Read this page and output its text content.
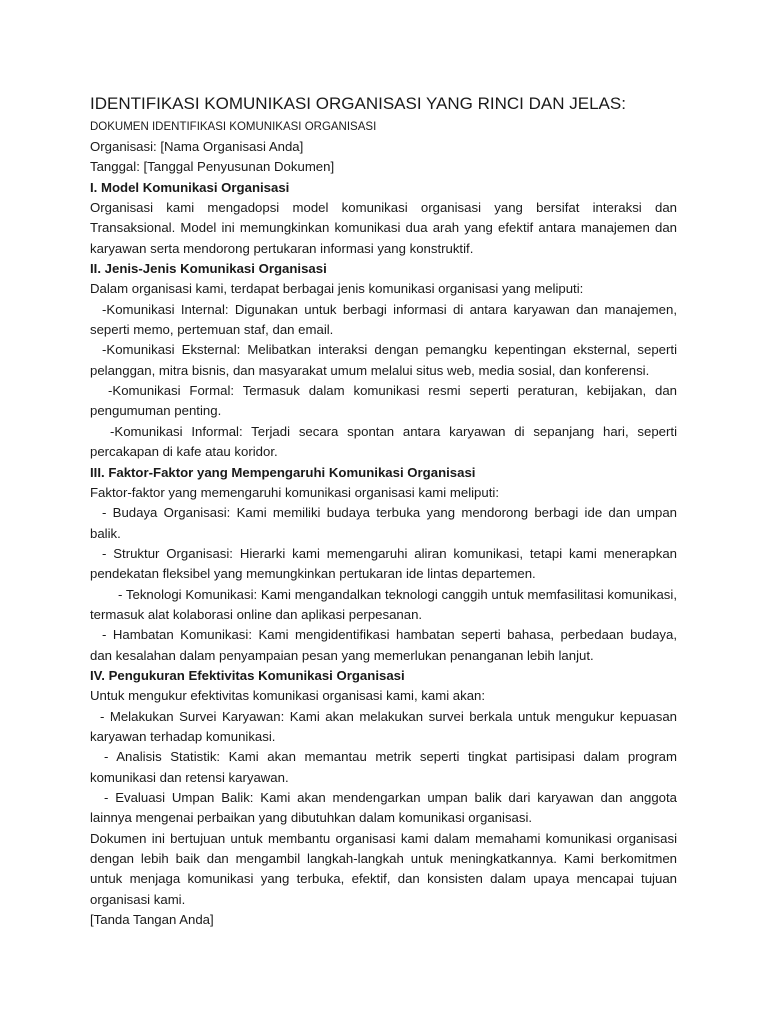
IDENTIFIKASI KOMUNIKASI ORGANISASI YANG RINCI DAN JELAS:

DOKUMEN IDENTIFIKASI KOMUNIKASI ORGANISASI

Organisasi: [Nama Organisasi Anda]

Tanggal: [Tanggal Penyusunan Dokumen]

I. Model Komunikasi Organisasi

Organisasi kami mengadopsi model komunikasi organisasi yang bersifat interaksi dan Transaksional. Model ini memungkinkan komunikasi dua arah yang efektif antara manajemen dan karyawan serta mendorong pertukaran informasi yang konstruktif.

II. Jenis-Jenis Komunikasi Organisasi

Dalam organisasi kami, terdapat berbagai jenis komunikasi organisasi yang meliputi:

-Komunikasi Internal: Digunakan untuk berbagi informasi di antara karyawan dan manajemen, seperti memo, pertemuan staf, dan email.

-Komunikasi Eksternal: Melibatkan interaksi dengan pemangku kepentingan eksternal, seperti pelanggan, mitra bisnis, dan masyarakat umum melalui situs web, media sosial, dan konferensi.

-Komunikasi Formal: Termasuk dalam komunikasi resmi seperti peraturan, kebijakan, dan pengumuman penting.

-Komunikasi Informal: Terjadi secara spontan antara karyawan di sepanjang hari, seperti percakapan di kafe atau koridor.

III. Faktor-Faktor yang Mempengaruhi Komunikasi Organisasi

Faktor-faktor yang memengaruhi komunikasi organisasi kami meliputi:

- Budaya Organisasi: Kami memiliki budaya terbuka yang mendorong berbagi ide dan umpan balik.

- Struktur Organisasi: Hierarki kami memengaruhi aliran komunikasi, tetapi kami menerapkan pendekatan fleksibel yang memungkinkan pertukaran ide lintas departemen.

- Teknologi Komunikasi: Kami mengandalkan teknologi canggih untuk memfasilitasi komunikasi, termasuk alat kolaborasi online dan aplikasi perpesanan.

- Hambatan Komunikasi: Kami mengidentifikasi hambatan seperti bahasa, perbedaan budaya, dan kesalahan dalam penyampaian pesan yang memerlukan penanganan lebih lanjut.

IV. Pengukuran Efektivitas Komunikasi Organisasi

Untuk mengukur efektivitas komunikasi organisasi kami, kami akan:

- Melakukan Survei Karyawan: Kami akan melakukan survei berkala untuk mengukur kepuasan karyawan terhadap komunikasi.

- Analisis Statistik: Kami akan memantau metrik seperti tingkat partisipasi dalam program komunikasi dan retensi karyawan.

- Evaluasi Umpan Balik: Kami akan mendengarkan umpan balik dari karyawan dan anggota lainnya mengenai perbaikan yang dibutuhkan dalam komunikasi organisasi.

Dokumen ini bertujuan untuk membantu organisasi kami dalam memahami komunikasi organisasi dengan lebih baik dan mengambil langkah-langkah untuk meningkatkannya. Kami berkomitmen untuk menjaga komunikasi yang terbuka, efektif, dan konsisten dalam upaya mencapai tujuan organisasi kami.

[Tanda Tangan Anda]
